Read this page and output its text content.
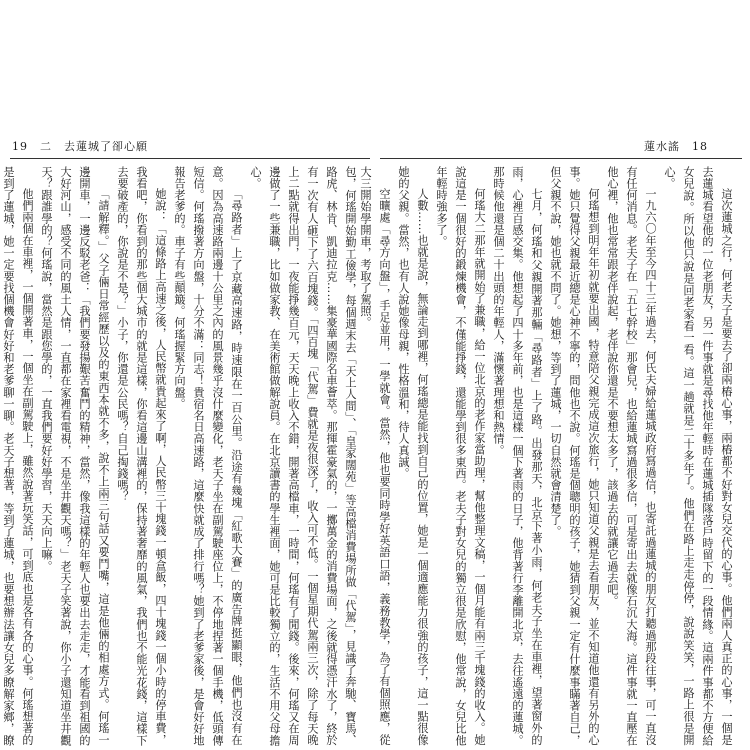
19　二　去蓮城了卻心願	蓮水謠　18

包，何瑤開始勤工儉學，每個週末去「天上人間」、「皇家闊苑」等高檔消費場所做「代駕」，見識了奔馳、寶馬、路虎、林肯、凱迪拉克……集豪華國際名車薈萃。那揮霍豪氣的，一擲萬金的消費場面，之後就得憑汗水了，終於有一次有人砸下了六百塊錢。「四百塊「代駕」費就是夜很深了，收入可不低。一個星期代駕兩三次，除了每天晚上二點就得出門，一夜能掙幾百元，天天晚上收入不錯，開著高檔車，一時間，何瑤有了閒錢。後來，何瑤又在周邊做了一些兼職，比如做家教、在美術館做解說員。在北京讀書的學生裡面，她可是比較獨立的，生活不用父母擔心。

「尋路者」上了京藏高速路，時速限在一百公里。沿途有幾塊「紅歌大賽」的廣告牌挺顯眼，他們也沒有在意。因為高速路兩邊十公里之內的風景幾乎沒什麼變化，老天子坐在副駕駛座位上，不停地捏著一個手機，低頭傳短信。何瑤撥著方向盤，十分不滿：同志！貴宿名日高速路，這麼快就成了排行嗎？她到了老爹家後，是會好好地報告老爹的。車子有些顛簸。何瑤握緊方向盤。

她說：「這條路上高速之後，人民幣就貴起來了啊，人民幣三十塊錢一頓盒飯，四十塊錢一個小時的停車費，我看吧，你看到的那些個大城市的就是這樣，你看這邊山溝裡的，保持著奢靡的風氣，我們也不能光花錢，這樣下去要破產的，你說是不是？」小子，你還是公民嗎？自己掏錢嗎？

「請解釋。」父子倆日常經歷以及的東西本就不多，說不上兩三句話又要鬥嘴，這是他倆的相處方式。何瑤一邊開車，一邊反駁老爸：「我們要發揚艱苦奮鬥的精神，當然，像我這樣的年輕人也要出去走走，才能看到祖國的大好河山，感受不同的風土人情，一直都在家裡看電視，不是坐井觀天嗎？」老天子笑著說，你小子還知道坐井觀天？跟誰學的？何瑤說，當然是跟您學的，一直我們要好好學習，天天向上嘛。

他們兩個在車裡，一個開著車，一個坐在副駕駛上，雖然說著玩笑話，可到底也是各有各的心事。何瑤想著的是到了蓮城，她一定要找個機會好好和老爹聊一聊。老天子想著，等到了蓮城，也要想辦法讓女兒多瞭解家鄉，瞭	這次蓮城之行，何老夫子是要去了卻兩樁心事，兩樁都不好對女兒交代的心事。他們兩人真正的心事，一個是去蓮城看望他的一位老朋友，另一件事就是尋找他年輕時在蓮城插隊落戶時留下的一段情緣。這兩件事都不方便給女兒說。所以他只說是回老家看一看。這一趟就是二十多年了。他們在路上走走停停，說說笑笑，一路上很是開心。

一九六〇年至今四十三年過去，何氏夫婦給蓮城政府寫過信，也寄託過蓮城的朋友打聽過那段往事，可一直沒有任何消息。老夫子在「五七幹校」那會兒，也給蓮城寫過很多信，可是寄出去就像石沉大海。這件事就一直壓在他心裡，他也常常跟老伴說起，老伴說你還是不要想太多了，該過去的就讓它過去吧。

何瑤想到明年年初就要出國，特意陪父親完成這次旅行，她只知道父親是去看朋友，並不知道他還有另外的心事。她只覺得父親最近總是心神不寧的，問他也不說。何瑤是個聰明的孩子，她猜到父親一定有什麼事瞞著自己，但父親不說，她也就不問了。她想，等到了蓮城，一切自然就會清楚了。

七月，何瑤和父親開著那輛「尋路者」上了路。出發那天，北京下著小雨，何老夫子坐在車裡，望著窗外的雨，心裡百感交集。他想起了四十多年前，也是這樣一個下著雨的日子，他背著行李離開北京，去往遙遠的蓮城。那時候他還是個二十出頭的年輕人，滿懷著理想和熱情。

何瑤大二那年就開始了兼職，給一位北京的老作家當助理，幫他整理文稿，一個月能有兩三千塊錢的收入。她說這是一個很好的鍛煉機會，不僅能掙錢，還能學到很多東西。老夫子對女兒的獨立很是欣慰，他常說，女兒比他年輕時強多了。

人數……也就是說，無論走到哪裡，何瑤總是能找到自己的位置，她是一個適應能力很強的孩子，這一點很像她的父親。當然，也有人說她像母親，性格溫和，待人真誠。

空曠處「尋方向盤」，手足並用，一學就會。當然，他也要同時學好英語口語，義務教學，為了有個照應，從大三開始學開車，考取了駕照。
